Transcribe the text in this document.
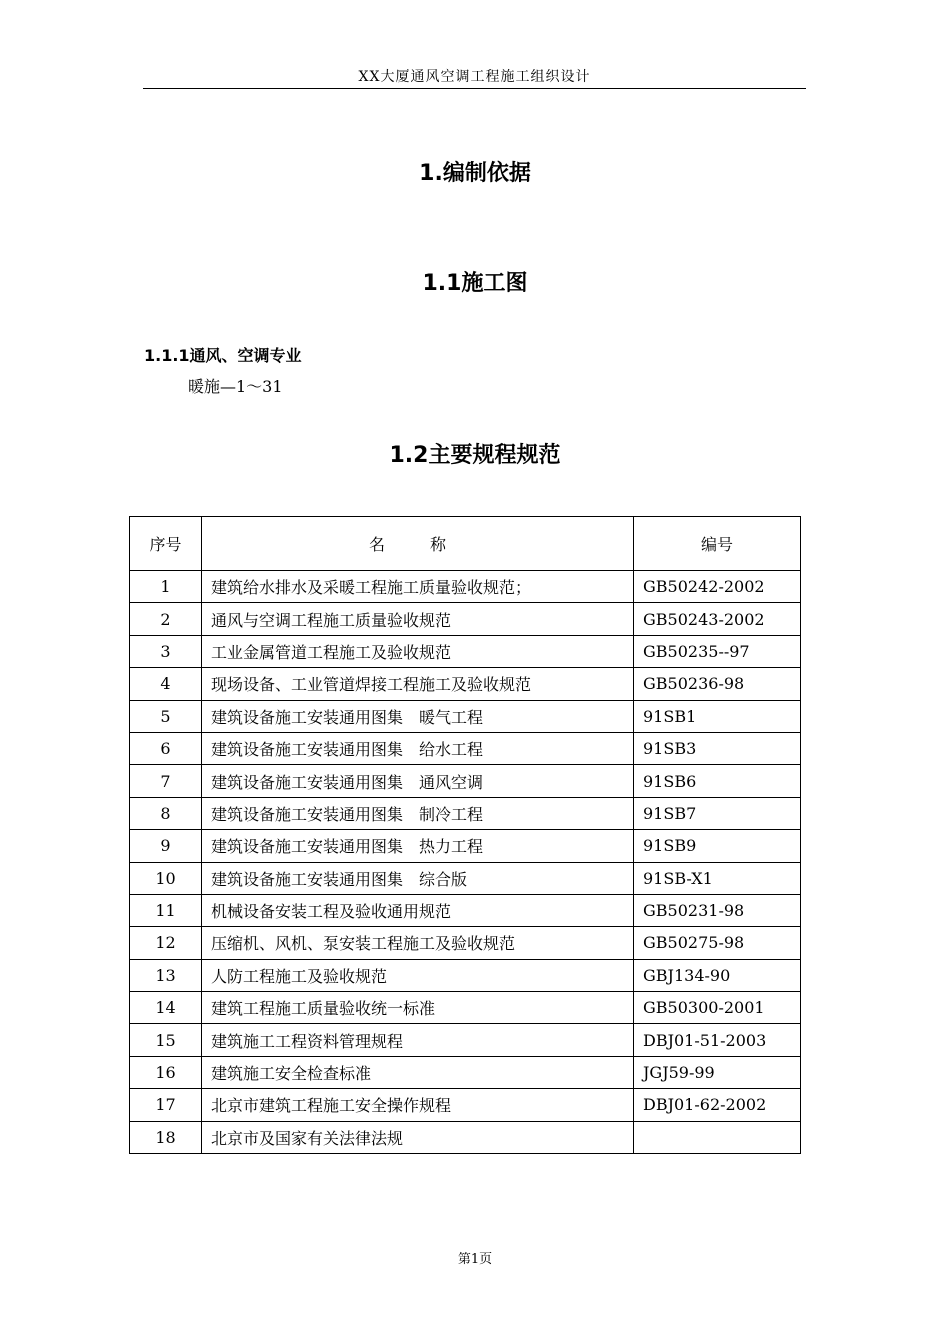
XX大厦通风空调工程施工组织设计
1.编制依据
1.1施工图
1.1.1通风、空调专业
暖施—1～31
1.2主要规程规范
序号	名 称	编号
1	建筑给水排水及采暖工程施工质量验收规范；	GB50242-2002
2	通风与空调工程施工质量验收规范	GB50243-2002
3	工业金属管道工程施工及验收规范	GB50235--97
4	现场设备、工业管道焊接工程施工及验收规范	GB50236-98
5	建筑设备施工安装通用图集　暖气工程	91SB1
6	建筑设备施工安装通用图集　给水工程	91SB3
7	建筑设备施工安装通用图集　通风空调	91SB6
8	建筑设备施工安装通用图集　制冷工程	91SB7
9	建筑设备施工安装通用图集　热力工程	91SB9
10	建筑设备施工安装通用图集　综合版	91SB-X1
11	机械设备安装工程及验收通用规范	GB50231-98
12	压缩机、风机、泵安装工程施工及验收规范	GB50275-98
13	人防工程施工及验收规范	GBJ134-90
14	建筑工程施工质量验收统一标准	GB50300-2001
15	建筑施工工程资料管理规程	DBJ01-51-2003
16	建筑施工安全检查标准	JGJ59-99
17	北京市建筑工程施工安全操作规程	DBJ01-62-2002
18	北京市及国家有关法律法规	
第1页
